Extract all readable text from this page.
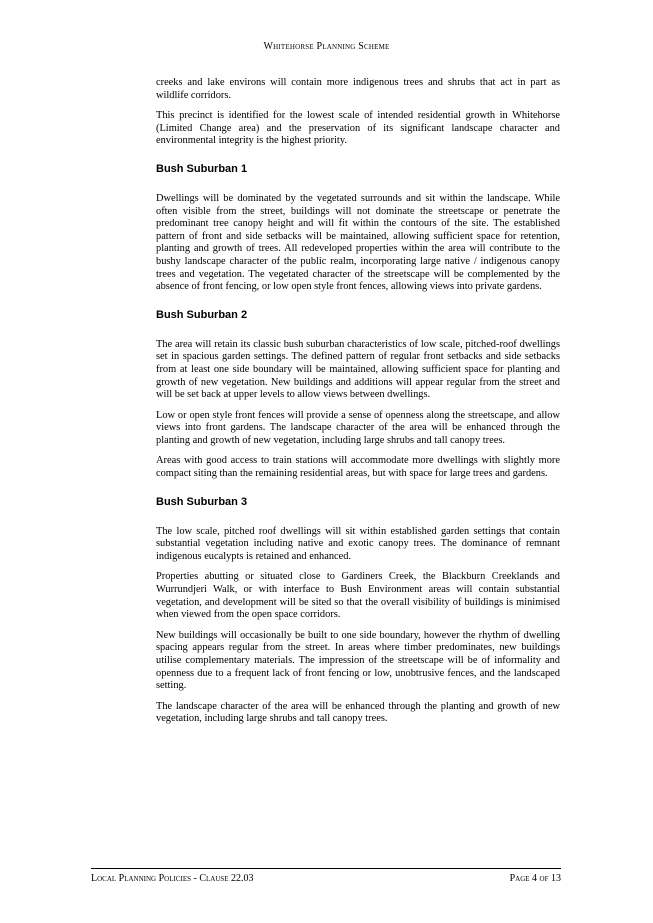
Whitehorse Planning Scheme

creeks and lake environs will contain more indigenous trees and shrubs that act in part as wildlife corridors.

This precinct is identified for the lowest scale of intended residential growth in Whitehorse (Limited Change area) and the preservation of its significant landscape character and environmental integrity is the highest priority.

Bush Suburban 1

Dwellings will be dominated by the vegetated surrounds and sit within the landscape. While often visible from the street, buildings will not dominate the streetscape or penetrate the predominant tree canopy height and will fit within the contours of the site. The established pattern of front and side setbacks will be maintained, allowing sufficient space for retention, planting and growth of trees. All redeveloped properties within the area will contribute to the bushy landscape character of the public realm, incorporating large native / indigenous canopy trees and vegetation. The vegetated character of the streetscape will be complemented by the absence of front fencing, or low open style front fences, allowing views into private gardens.

Bush Suburban 2

The area will retain its classic bush suburban characteristics of low scale, pitched-roof dwellings set in spacious garden settings. The defined pattern of regular front setbacks and side setbacks from at least one side boundary will be maintained, allowing sufficient space for planting and growth of new vegetation. New buildings and additions will appear regular from the street and will be set back at upper levels to allow views between dwellings.

Low or open style front fences will provide a sense of openness along the streetscape, and allow views into front gardens. The landscape character of the area will be enhanced through the planting and growth of new vegetation, including large shrubs and tall canopy trees.

Areas with good access to train stations will accommodate more dwellings with slightly more compact siting than the remaining residential areas, but with space for large trees and gardens.

Bush Suburban 3

The low scale, pitched roof dwellings will sit within established garden settings that contain substantial vegetation including native and exotic canopy trees. The dominance of remnant indigenous eucalypts is retained and enhanced.

Properties abutting or situated close to Gardiners Creek, the Blackburn Creeklands and Wurrundjeri Walk, or with interface to Bush Environment areas will contain substantial vegetation, and development will be sited so that the overall visibility of buildings is minimised when viewed from the open space corridors.

New buildings will occasionally be built to one side boundary, however the rhythm of dwelling spacing appears regular from the street. In areas where timber predominates, new buildings utilise complementary materials. The impression of the streetscape will be of informality and openness due to a frequent lack of front fencing or low, unobtrusive fences, and the landscaped setting.

The landscape character of the area will be enhanced through the planting and growth of new vegetation, including large shrubs and tall canopy trees.

Local Planning Policies - Clause 22.03	Page 4 of 13
